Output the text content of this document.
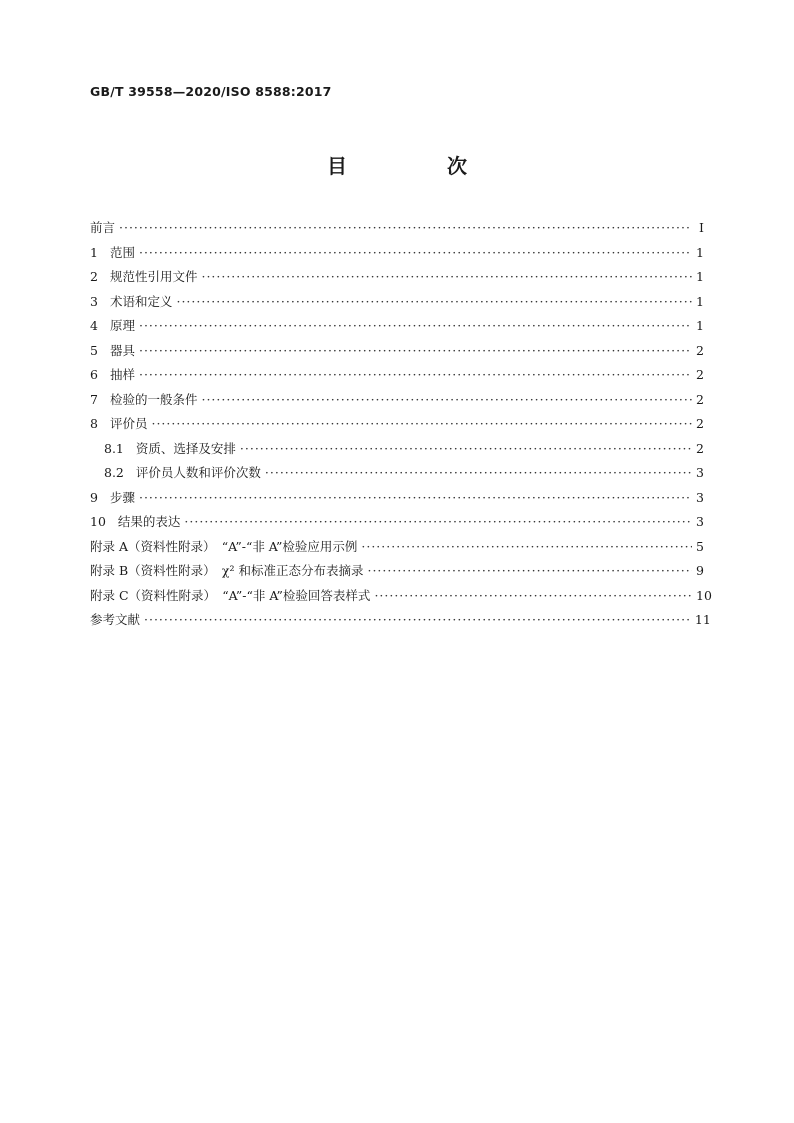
GB/T 39558—2020/ISO 8588:2017
目　次
前言 ·····	Ⅰ
1 范围 ·····	1
2 规范性引用文件 ·····	1
3 术语和定义 ·····	1
4 原理 ·····	1
5 器具 ·····	2
6 抽样 ·····	2
7 检验的一般条件 ·····	2
8 评价员 ·····	2
8.1 资质、选择及安排 ·····	2
8.2 评价员人数和评价次数 ·····	3
9 步骤 ·····	3
10 结果的表达 ·····	3
附录 A（资料性附录）　“A”-“非 A”检验应用示例 ·····	5
附录 B（资料性附录）　χ² 和标准正态分布表摘录 ·····	9
附录 C（资料性附录）　“A”-“非 A”检验回答表样式 ·····	10
参考文献 ·····	11
